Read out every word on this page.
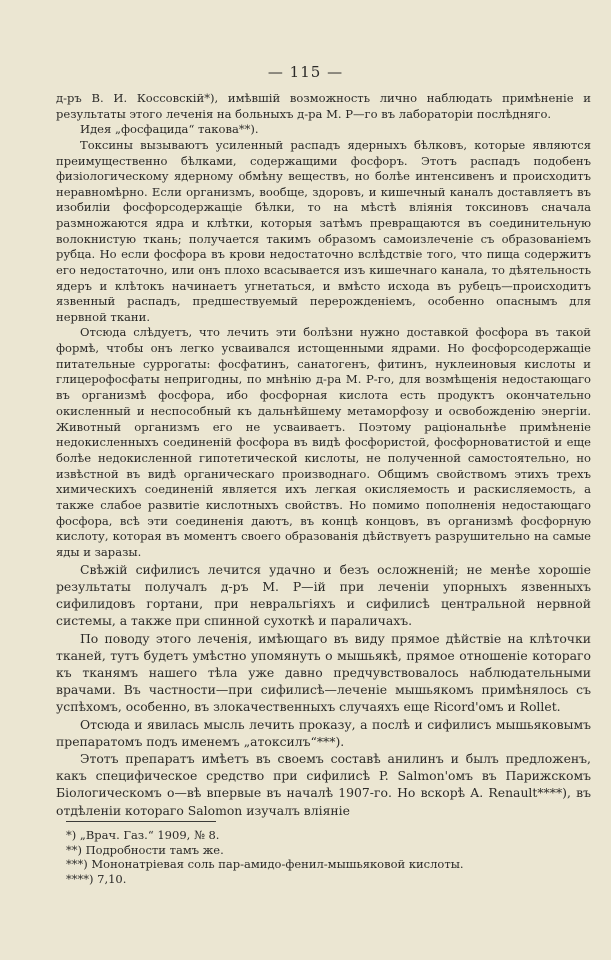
— 115 —

д-ръ В. И. Коссовскій*), имѣвшій возможность лично наблюдать примѣненіе и результаты этого леченія на больныхъ д-ра М. Р—го въ лабораторіи послѣдняго.

Идея „фосфацида“ такова**).

Токсины вызываютъ усиленный распадъ ядерныхъ бѣлковъ, которые являются преимущественно бѣлками, содержащими фосфоръ. Этотъ распадъ подобенъ физіологическому ядерному обмѣну веществъ, но болѣе интенсивенъ и происходитъ неравномѣрно. Если организмъ, вообще, здоровъ, и кишечный каналъ доставляетъ въ изобиліи фосфорсодержащіе бѣлки, то на мѣстѣ вліянія токсиновъ сначала размножаются ядра и клѣтки, которыя затѣмъ превращаются въ соединительную волокнистую ткань; получается такимъ образомъ самоизлеченіе съ образованіемъ рубца. Но если фосфора въ крови недостаточно вслѣдствіе того, что пища содержитъ его недостаточно, или онъ плохо всасывается изъ кишечнаго канала, то дѣятельность ядеръ и клѣтокъ начинаетъ угнетаться, и вмѣсто исхода въ рубецъ—происходитъ язвенный распадъ, предшествуемый перерожденіемъ, особенно опаснымъ для нервной ткани.

Отсюда слѣдуетъ, что лечить эти болѣзни нужно доставкой фосфора въ такой формѣ, чтобы онъ легко усваивался истощенными ядрами. Но фосфорсодержащіе питательные суррогаты: фосфатинъ, санатогенъ, фитинъ, нуклеиновыя кислоты и глицерофосфаты непригодны, по мнѣнію д-ра М. Р-го, для возмѣщенія недостающаго въ организмѣ фосфора, ибо фосфорная кислота есть продуктъ окончательно окисленный и неспособный къ дальнѣйшему метаморфозу и освобожденію энергіи. Животный организмъ его не усваиваетъ. Поэтому раціональнѣе примѣненіе недокисленныхъ соединеній фосфора въ видѣ фосфористой, фосфорноватистой и еще болѣе недокисленной гипотетической кислоты, не полученной самостоятельно, но извѣстной въ видѣ органическаго производнаго. Общимъ свойствомъ этихъ трехъ химическихъ соединеній является ихъ легкая окисляемость и раскисляемость, а также слабое развитіе кислотныхъ свойствъ. Но помимо пополненія недостающаго фосфора, всѣ эти соединенія даютъ, въ концѣ концовъ, въ организмѣ фосфорную кислоту, которая въ моментъ своего образованія дѣйствуетъ разрушительно на самые яды и заразы.

Свѣжій сифилисъ лечится удачно и безъ осложненій; не менѣе хорошіе результаты получалъ д-ръ М. Р—ій при леченіи упорныхъ язвенныхъ сифилидовъ гортани, при невральгіяхъ и сифилисѣ центральной нервной системы, а также при спинной сухоткѣ и параличахъ.

По поводу этого леченія, имѣющаго въ виду прямое дѣйствіе на клѣточки тканей, тутъ будетъ умѣстно упомянуть о мышьякѣ, прямое отношеніе котораго къ тканямъ нашего тѣла уже давно предчувствовалось наблюдательными врачами. Въ частности—при сифилисѣ—леченіе мышьякомъ примѣнялось съ успѣхомъ, особенно, въ злокачественныхъ случаяхъ еще Ricord'омъ и Rollet.

Отсюда и явилась мысль лечить проказу, а послѣ и сифилисъ мышьяковымъ препаратомъ подъ именемъ „атоксилъ“***).

Этотъ препаратъ имѣетъ въ своемъ составѣ анилинъ и былъ предложенъ, какъ специфическое средство при сифилисѣ P. Salmon'омъ въ Парижскомъ Біологическомъ о—вѣ впервые въ началѣ 1907-го. Но вскорѣ A. Renault****), въ отдѣленіи котораго Salomon изучалъ вліяніе

*) „Врач. Газ.“ 1909, № 8.
**) Подробности тамъ же.
***) Мононатріевая соль пар-амидо-фенил-мышьяковой кислоты.
****) 7,10.
